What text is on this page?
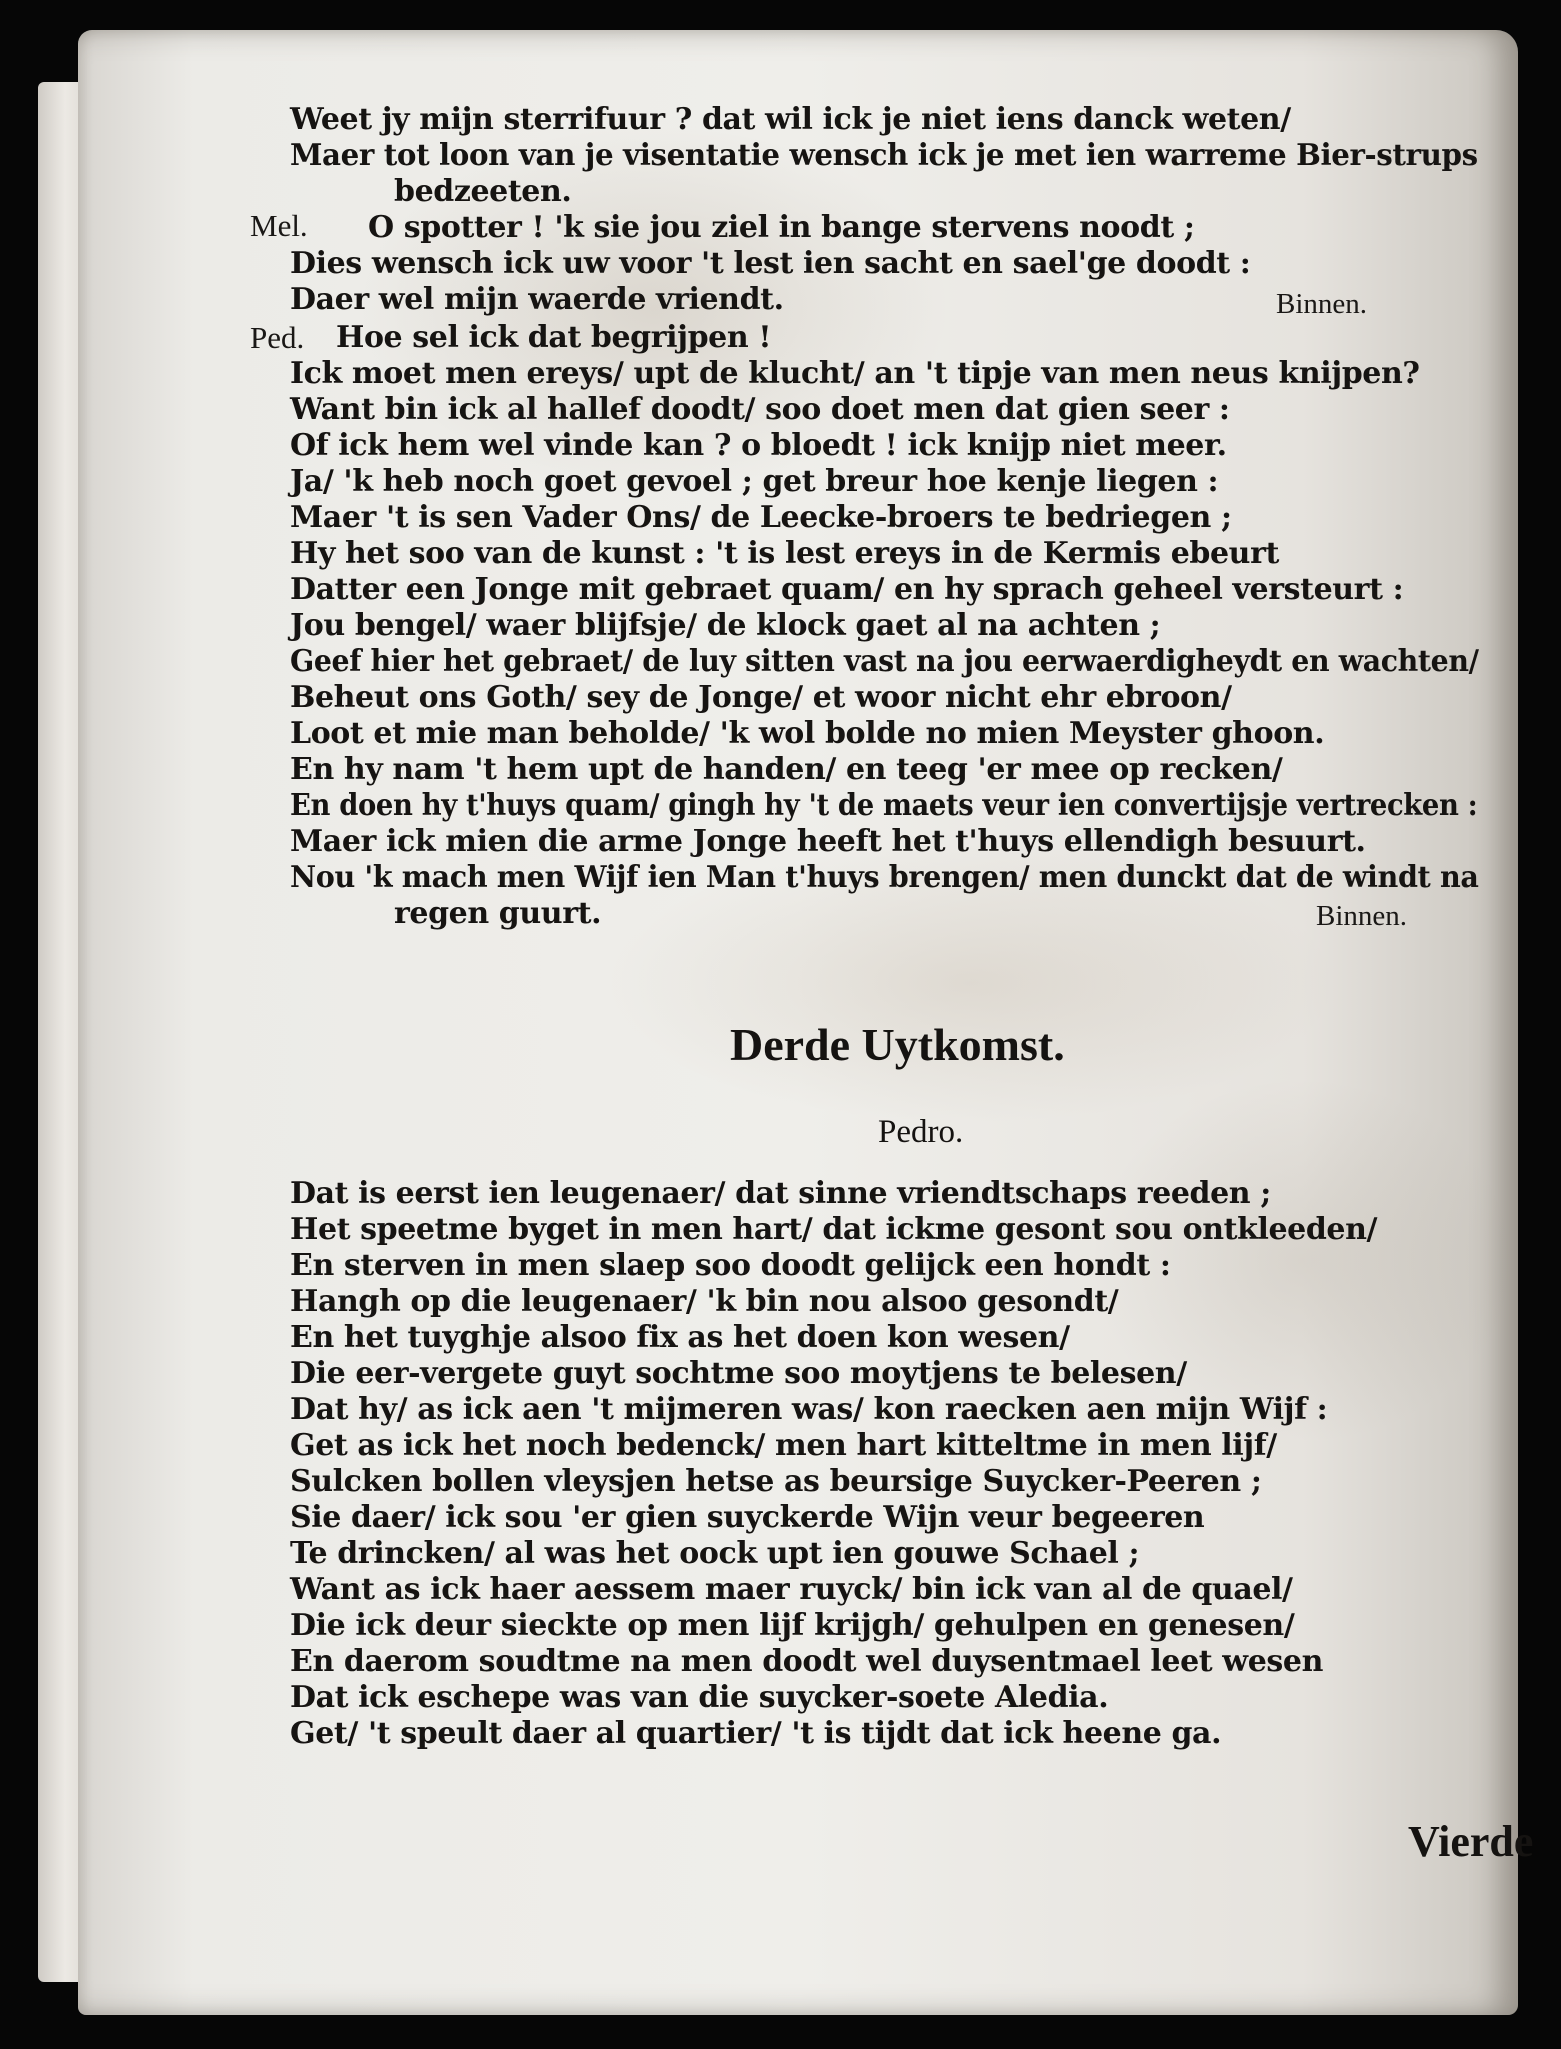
Weet jy mijn sterrifuur ? dat wil ick je niet iens danck weten/
Maer tot loon van je visentatie wensch ick je met ien warreme Bier-strups
bedzeeten.
Mel. O spotter ! 'k sie jou ziel in bange stervens noodt ;
Dies wensch ick uw voor 't lest ien sacht en sael'ge doodt :
Daer wel mijn waerde vriendt.	Binnen.
Ped. Hoe sel ick dat begrijpen !
Ick moet men ereys/ upt de klucht/ an 't tipje van men neus knijpen?
Want bin ick al hallef doodt/ soo doet men dat gien seer :
Of ick hem wel vinde kan ? o bloedt ! ick knijp niet meer.
Ja/ 'k heb noch goet gevoel ; get breur hoe kenje liegen :
Maer 't is sen Vader Ons/ de Leecke-broers te bedriegen ;
Hy het soo van de kunst : 't is lest ereys in de Kermis ebeurt
Datter een Jonge mit gebraet quam/ en hy sprach geheel versteurt :
Jou bengel/ waer blijfsje/ de klock gaet al na achten ;
Geef hier het gebraet/ de luy sitten vast na jou eerwaerdigheydt en wachten/
Beheut ons Goth/ sey de Jonge/ et woor nicht ehr ebroon/
Loot et mie man beholde/ 'k wol bolde no mien Meyster ghoon.
En hy nam 't hem upt de handen/ en teeg 'er mee op recken/
En doen hy t'huys quam/ gingh hy 't de maets veur ien convertijsje vertrecken :
Maer ick mien die arme Jonge heeft het t'huys ellendigh besuurt.
Nou 'k mach men Wijf ien Man t'huys brengen/ men dunckt dat de windt na
regen guurt.	Binnen.
Derde Uytkomst.
Pedro.
Dat is eerst ien leugenaer/ dat sinne vriendtschaps reeden ;
Het speetme byget in men hart/ dat ickme gesont sou ontkleeden/
En sterven in men slaep soo doodt gelijck een hondt :
Hangh op die leugenaer/ 'k bin nou alsoo gesondt/
En het tuyghje alsoo fix as het doen kon wesen/
Die eer-vergete guyt sochtme soo moytjens te belesen/
Dat hy/ as ick aen 't mijmeren was/ kon raecken aen mijn Wijf :
Get as ick het noch bedenck/ men hart kitteltme in men lijf/
Sulcken bollen vleysjen hetse as beursige Suycker-Peeren ;
Sie daer/ ick sou 'er gien suyckerde Wijn veur begeeren
Te drincken/ al was het oock upt ien gouwe Schael ;
Want as ick haer aessem maer ruyck/ bin ick van al de quael/
Die ick deur sieckte op men lijf krijgh/ gehulpen en genesen/
En daerom soudtme na men doodt wel duysentmael leet wesen
Dat ick eschepe was van die suycker-soete Aledia.
Get/ 't speult daer al quartier/ 't is tijdt dat ick heene ga.
Vierde
